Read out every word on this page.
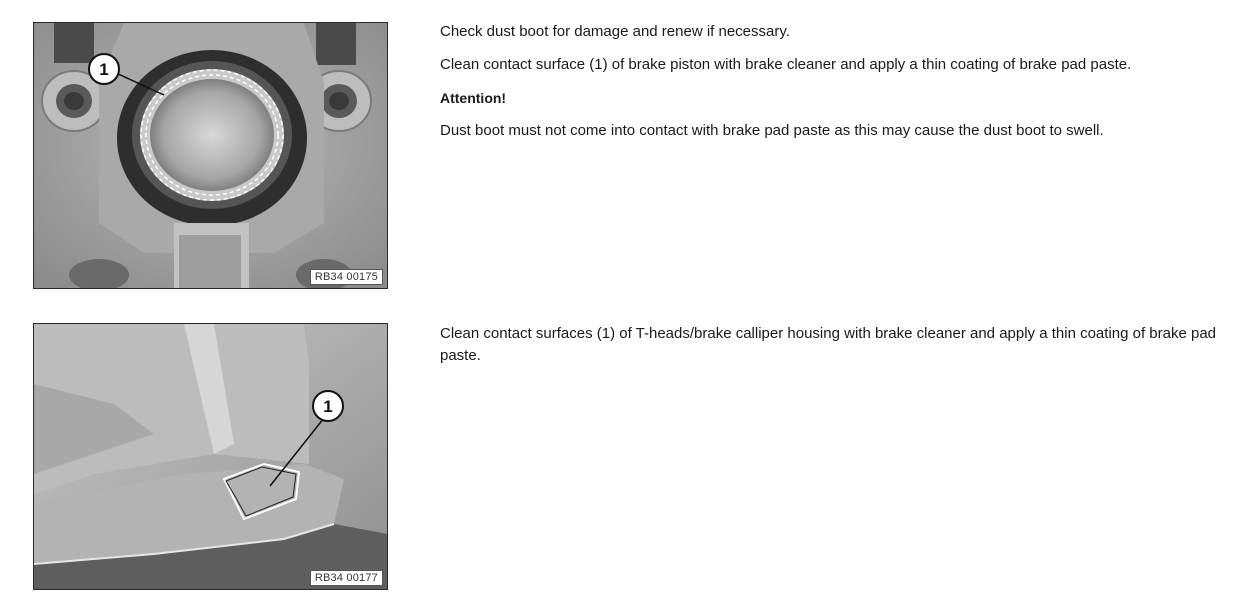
1
RB34 00175

Check dust boot for damage and renew if necessary.

Clean contact surface (1) of brake piston with brake cleaner and apply a thin coating of brake pad paste.

Attention!

Dust boot must not come into contact with brake pad paste as this may cause the dust boot to swell.

1
RB34 00177

Clean contact surfaces (1) of T-heads/brake calliper housing with brake cleaner and apply a thin coating of brake pad paste.
